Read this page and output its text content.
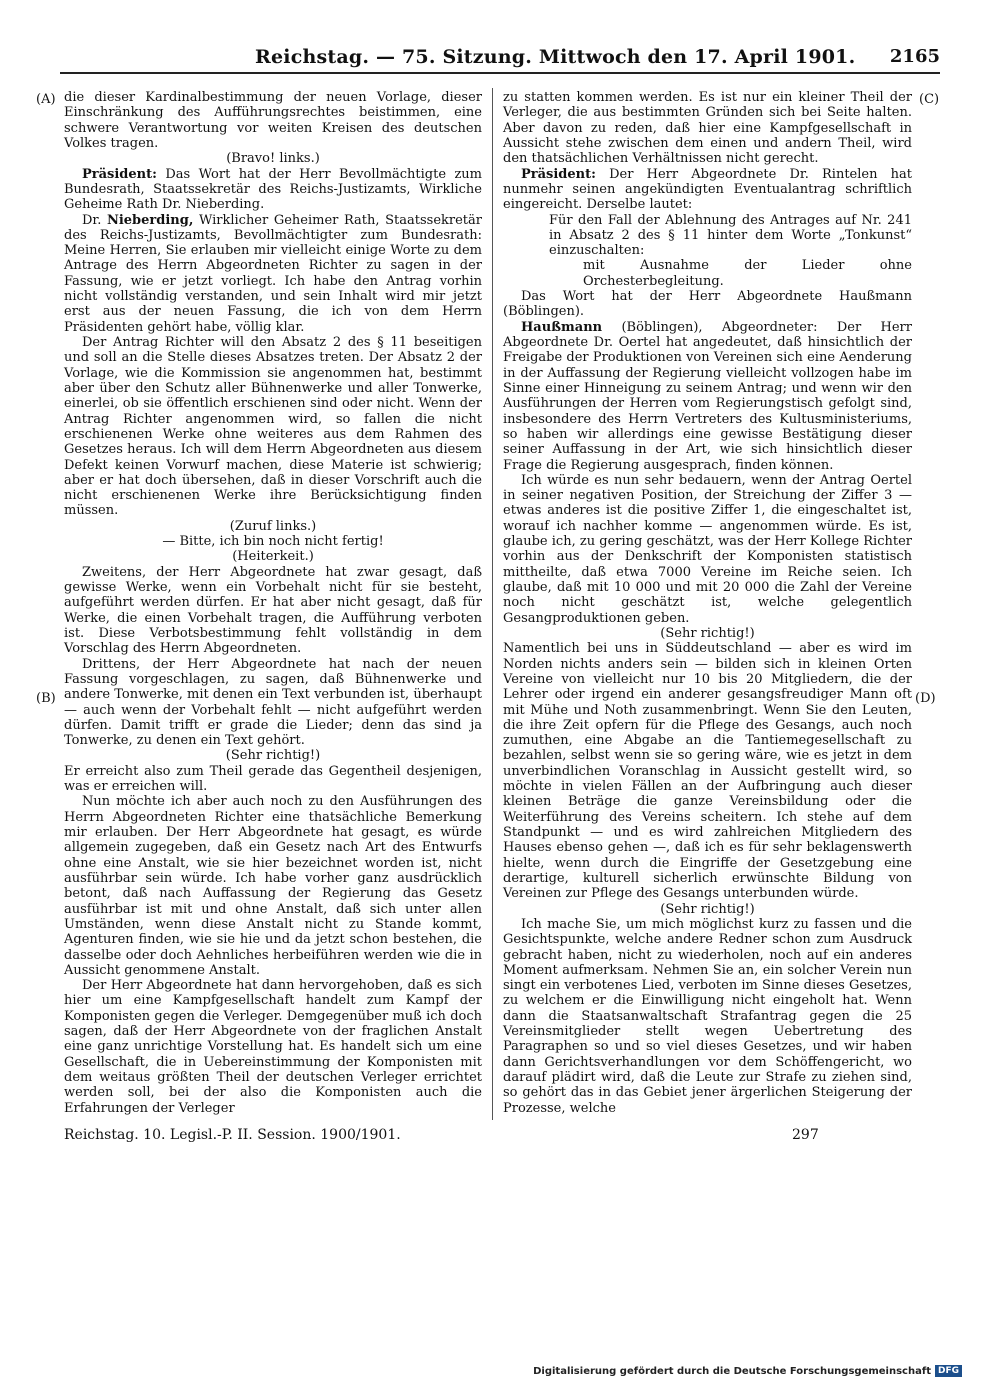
Reichstag. — 75. Sitzung. Mittwoch den 17. April 1901. 2165
(A)
(B)
(C)
(D)

die dieser Kardinalbestimmung der neuen Vorlage, dieser Einschränkung des Aufführungsrechtes beistimmen, eine schwere Verantwortung vor weiten Kreisen des deutschen Volkes tragen.

(Bravo! links.)

Präsident: Das Wort hat der Herr Bevollmächtigte zum Bundesrath, Staatssekretär des Reichs-Justizamts, Wirkliche Geheime Rath Dr. Nieberding.

Dr. Nieberding, Wirklicher Geheimer Rath, Staatssekretär des Reichs-Justizamts, Bevollmächtigter zum Bundesrath: Meine Herren, Sie erlauben mir vielleicht einige Worte zu dem Antrage des Herrn Abgeordneten Richter zu sagen in der Fassung, wie er jetzt vorliegt. Ich habe den Antrag vorhin nicht vollständig verstanden, und sein Inhalt wird mir jetzt erst aus der neuen Fassung, die ich von dem Herrn Präsidenten gehört habe, völlig klar.

Der Antrag Richter will den Absatz 2 des § 11 beseitigen und soll an die Stelle dieses Absatzes treten. Der Absatz 2 der Vorlage, wie die Kommission sie angenommen hat, bestimmt aber über den Schutz aller Bühnenwerke und aller Tonwerke, einerlei, ob sie öffentlich erschienen sind oder nicht. Wenn der Antrag Richter angenommen wird, so fallen die nicht erschienenen Werke ohne weiteres aus dem Rahmen des Gesetzes heraus. Ich will dem Herrn Abgeordneten aus diesem Defekt keinen Vorwurf machen, diese Materie ist schwierig; aber er hat doch übersehen, daß in dieser Vorschrift auch die nicht erschienenen Werke ihre Berücksichtigung finden müssen.

(Zuruf links.)

— Bitte, ich bin noch nicht fertig!

(Heiterkeit.)

Zweitens, der Herr Abgeordnete hat zwar gesagt, daß gewisse Werke, wenn ein Vorbehalt nicht für sie besteht, aufgeführt werden dürfen. Er hat aber nicht gesagt, daß für Werke, die einen Vorbehalt tragen, die Aufführung verboten ist. Diese Verbotsbestimmung fehlt vollständig in dem Vorschlag des Herrn Abgeordneten.

Drittens, der Herr Abgeordnete hat nach der neuen Fassung vorgeschlagen, zu sagen, daß Bühnenwerke und andere Tonwerke, mit denen ein Text verbunden ist, überhaupt — auch wenn der Vorbehalt fehlt — nicht aufgeführt werden dürfen. Damit trifft er grade die Lieder; denn das sind ja Tonwerke, zu denen ein Text gehört.

(Sehr richtig!)

Er erreicht also zum Theil gerade das Gegentheil desjenigen, was er erreichen will.

Nun möchte ich aber auch noch zu den Ausführungen des Herrn Abgeordneten Richter eine thatsächliche Bemerkung mir erlauben. Der Herr Abgeordnete hat gesagt, es würde allgemein zugegeben, daß ein Gesetz nach Art des Entwurfs ohne eine Anstalt, wie sie hier bezeichnet worden ist, nicht ausführbar sein würde. Ich habe vorher ganz ausdrücklich betont, daß nach Auffassung der Regierung das Gesetz ausführbar ist mit und ohne Anstalt, daß sich unter allen Umständen, wenn diese Anstalt nicht zu Stande kommt, Agenturen finden, wie sie hie und da jetzt schon bestehen, die dasselbe oder doch Aehnliches herbeiführen werden wie die in Aussicht genommene Anstalt.

Der Herr Abgeordnete hat dann hervorgehoben, daß es sich hier um eine Kampfgesellschaft handelt zum Kampf der Komponisten gegen die Verleger. Demgegenüber muß ich doch sagen, daß der Herr Abgeordnete von der fraglichen Anstalt eine ganz unrichtige Vorstellung hat. Es handelt sich um eine Gesellschaft, die in Uebereinstimmung der Komponisten mit dem weitaus größten Theil der deutschen Verleger errichtet werden soll, bei der also die Komponisten auch die Erfahrungen der Verleger

zu statten kommen werden. Es ist nur ein kleiner Theil der Verleger, die aus bestimmten Gründen sich bei Seite halten. Aber davon zu reden, daß hier eine Kampfgesellschaft in Aussicht stehe zwischen dem einen und andern Theil, wird den thatsächlichen Verhältnissen nicht gerecht.

Präsident: Der Herr Abgeordnete Dr. Rintelen hat nunmehr seinen angekündigten Eventualantrag schriftlich eingereicht. Derselbe lautet:

Für den Fall der Ablehnung des Antrages auf Nr. 241 in Absatz 2 des § 11 hinter dem Worte „Tonkunst“ einzuschalten:

mit Ausnahme der Lieder ohne Orchesterbegleitung.

Das Wort hat der Herr Abgeordnete Haußmann (Böblingen).

Haußmann (Böblingen), Abgeordneter: Der Herr Abgeordnete Dr. Oertel hat angedeutet, daß hinsichtlich der Freigabe der Produktionen von Vereinen sich eine Aenderung in der Auffassung der Regierung vielleicht vollzogen habe im Sinne einer Hinneigung zu seinem Antrag; und wenn wir den Ausführungen der Herren vom Regierungstisch gefolgt sind, insbesondere des Herrn Vertreters des Kultusministeriums, so haben wir allerdings eine gewisse Bestätigung dieser seiner Auffassung in der Art, wie sich hinsichtlich dieser Frage die Regierung ausgesprach, finden können.

Ich würde es nun sehr bedauern, wenn der Antrag Oertel in seiner negativen Position, der Streichung der Ziffer 3 — etwas anderes ist die positive Ziffer 1, die eingeschaltet ist, worauf ich nachher komme — angenommen würde. Es ist, glaube ich, zu gering geschätzt, was der Herr Kollege Richter vorhin aus der Denkschrift der Komponisten statistisch mittheilte, daß etwa 7000 Vereine im Reiche seien. Ich glaube, daß mit 10 000 und mit 20 000 die Zahl der Vereine noch nicht geschätzt ist, welche gelegentlich Gesangproduktionen geben.

(Sehr richtig!)

Namentlich bei uns in Süddeutschland — aber es wird im Norden nichts anders sein — bilden sich in kleinen Orten Vereine von vielleicht nur 10 bis 20 Mitgliedern, die der Lehrer oder irgend ein anderer gesangsfreudiger Mann oft mit Mühe und Noth zusammenbringt. Wenn Sie den Leuten, die ihre Zeit opfern für die Pflege des Gesangs, auch noch zumuthen, eine Abgabe an die Tantiemegesellschaft zu bezahlen, selbst wenn sie so gering wäre, wie es jetzt in dem unverbindlichen Voranschlag in Aussicht gestellt wird, so möchte in vielen Fällen an der Aufbringung auch dieser kleinen Beträge die ganze Vereinsbildung oder die Weiterführung des Vereins scheitern. Ich stehe auf dem Standpunkt — und es wird zahlreichen Mitgliedern des Hauses ebenso gehen —, daß ich es für sehr beklagenswerth hielte, wenn durch die Eingriffe der Gesetzgebung eine derartige, kulturell sicherlich erwünschte Bildung von Vereinen zur Pflege des Gesangs unterbunden würde.

(Sehr richtig!)

Ich mache Sie, um mich möglichst kurz zu fassen und die Gesichtspunkte, welche andere Redner schon zum Ausdruck gebracht haben, nicht zu wiederholen, noch auf ein anderes Moment aufmerksam. Nehmen Sie an, ein solcher Verein nun singt ein verbotenes Lied, verboten im Sinne dieses Gesetzes, zu welchem er die Einwilligung nicht eingeholt hat. Wenn dann die Staatsanwaltschaft Strafantrag gegen die 25 Vereinsmitglieder stellt wegen Uebertretung des Paragraphen so und so viel dieses Gesetzes, und wir haben dann Gerichtsverhandlungen vor dem Schöffengericht, wo darauf plädirt wird, daß die Leute zur Strafe zu ziehen sind, so gehört das in das Gebiet jener ärgerlichen Steigerung der Prozesse, welche

Reichstag. 10. Legisl.-P. II. Session. 1900/1901.	297
Digitalisierung gefördert durch die Deutsche Forschungsgemeinschaft DFG
